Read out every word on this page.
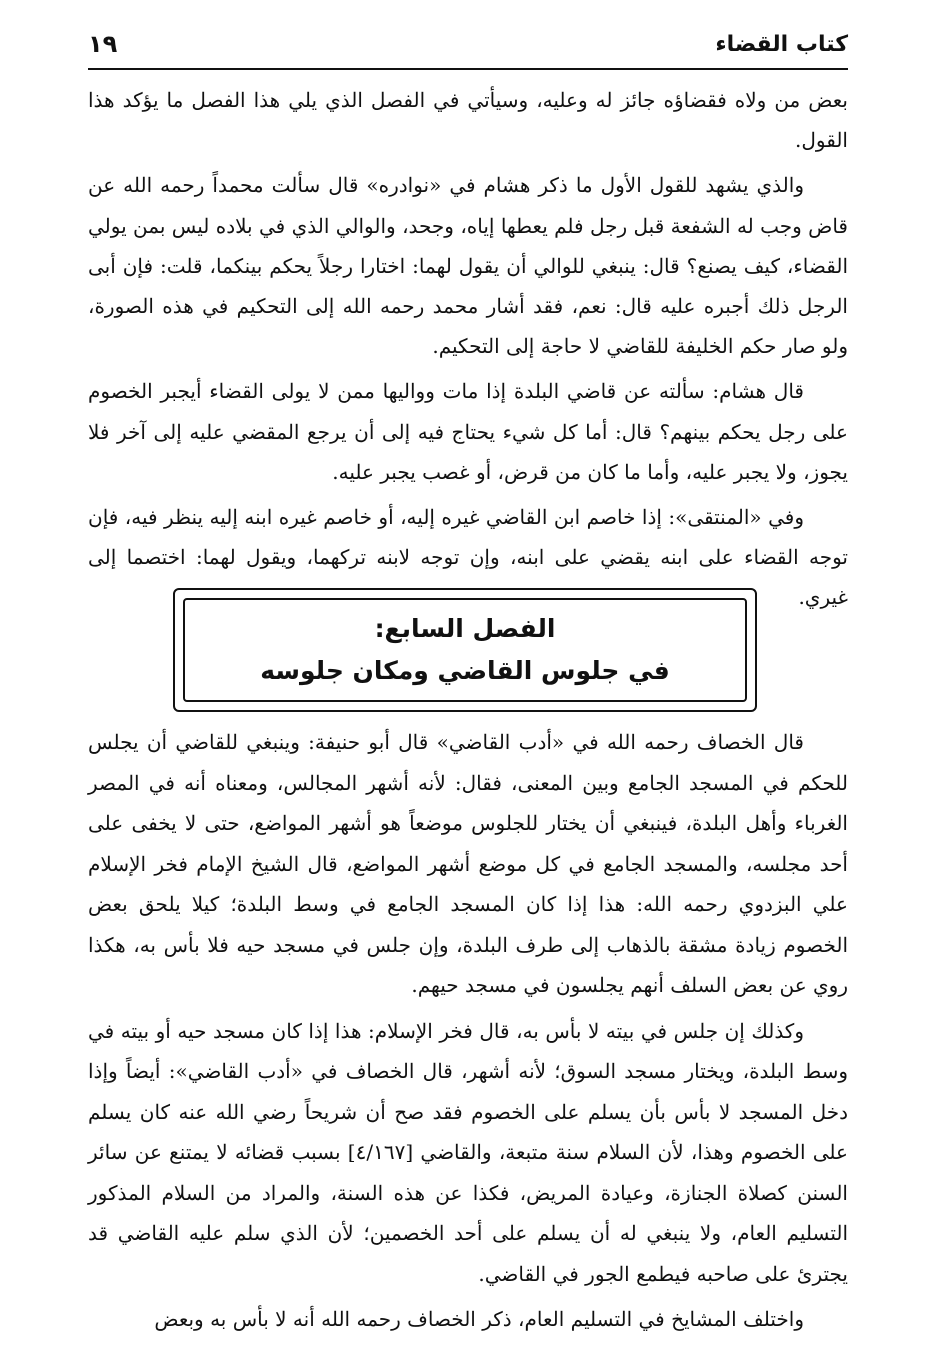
كتاب القضاء
١٩

بعض من ولاه فقضاؤه جائز له وعليه، وسيأتي في الفصل الذي يلي هذا الفصل ما يؤكد هذا القول.

والذي يشهد للقول الأول ما ذكر هشام في «نوادره» قال سألت محمداً رحمه الله عن قاض وجب له الشفعة قبل رجل فلم يعطها إياه، وجحد، والوالي الذي في بلاده ليس بمن يولي القضاء، كيف يصنع؟ قال: ينبغي للوالي أن يقول لهما: اختارا رجلاً يحكم بينكما، قلت: فإن أبى الرجل ذلك أجبره عليه قال: نعم، فقد أشار محمد رحمه الله إلى التحكيم في هذه الصورة، ولو صار حكم الخليفة للقاضي لا حاجة إلى التحكيم.

قال هشام: سألته عن قاضي البلدة إذا مات وواليها ممن لا يولى القضاء أيجبر الخصوم على رجل يحكم بينهم؟ قال: أما كل شيء يحتاج فيه إلى أن يرجع المقضي عليه إلى آخر فلا يجوز، ولا يجبر عليه، وأما ما كان من قرض، أو غصب يجبر عليه.

وفي «المنتقى»: إذا خاصم ابن القاضي غيره إليه، أو خاصم غيره ابنه إليه ينظر فيه، فإن توجه القضاء على ابنه يقضي على ابنه، وإن توجه لابنه تركهما، ويقول لهما: اختصما إلى غيري.

الفصل السابع:
في جلوس القاضي ومكان جلوسه

قال الخصاف رحمه الله في «أدب القاضي» قال أبو حنيفة: وينبغي للقاضي أن يجلس للحكم في المسجد الجامع وبين المعنى، فقال: لأنه أشهر المجالس، ومعناه أنه في المصر الغرباء وأهل البلدة، فينبغي أن يختار للجلوس موضعاً هو أشهر المواضع، حتى لا يخفى على أحد مجلسه، والمسجد الجامع في كل موضع أشهر المواضع، قال الشيخ الإمام فخر الإسلام علي البزدوي رحمه الله: هذا إذا كان المسجد الجامع في وسط البلدة؛ كيلا يلحق بعض الخصوم زيادة مشقة بالذهاب إلى طرف البلدة، وإن جلس في مسجد حيه فلا بأس به، هكذا روي عن بعض السلف أنهم يجلسون في مسجد حيهم.

وكذلك إن جلس في بيته لا بأس به، قال فخر الإسلام: هذا إذا كان مسجد حيه أو بيته في وسط البلدة، ويختار مسجد السوق؛ لأنه أشهر، قال الخصاف في «أدب القاضي»: أيضاً وإذا دخل المسجد لا بأس بأن يسلم على الخصوم فقد صح أن شريحاً رضي الله عنه كان يسلم على الخصوم وهذا، لأن السلام سنة متبعة، والقاضي [٤/١٦٧] بسبب قضائه لا يمتنع عن سائر السنن كصلاة الجنازة، وعيادة المريض، فكذا عن هذه السنة، والمراد من السلام المذكور التسليم العام، ولا ينبغي له أن يسلم على أحد الخصمين؛ لأن الذي سلم عليه القاضي قد يجترئ على صاحبه فيطمع الجور في القاضي.

واختلف المشايخ في التسليم العام، ذكر الخصاف رحمه الله أنه لا بأس به وبعض
